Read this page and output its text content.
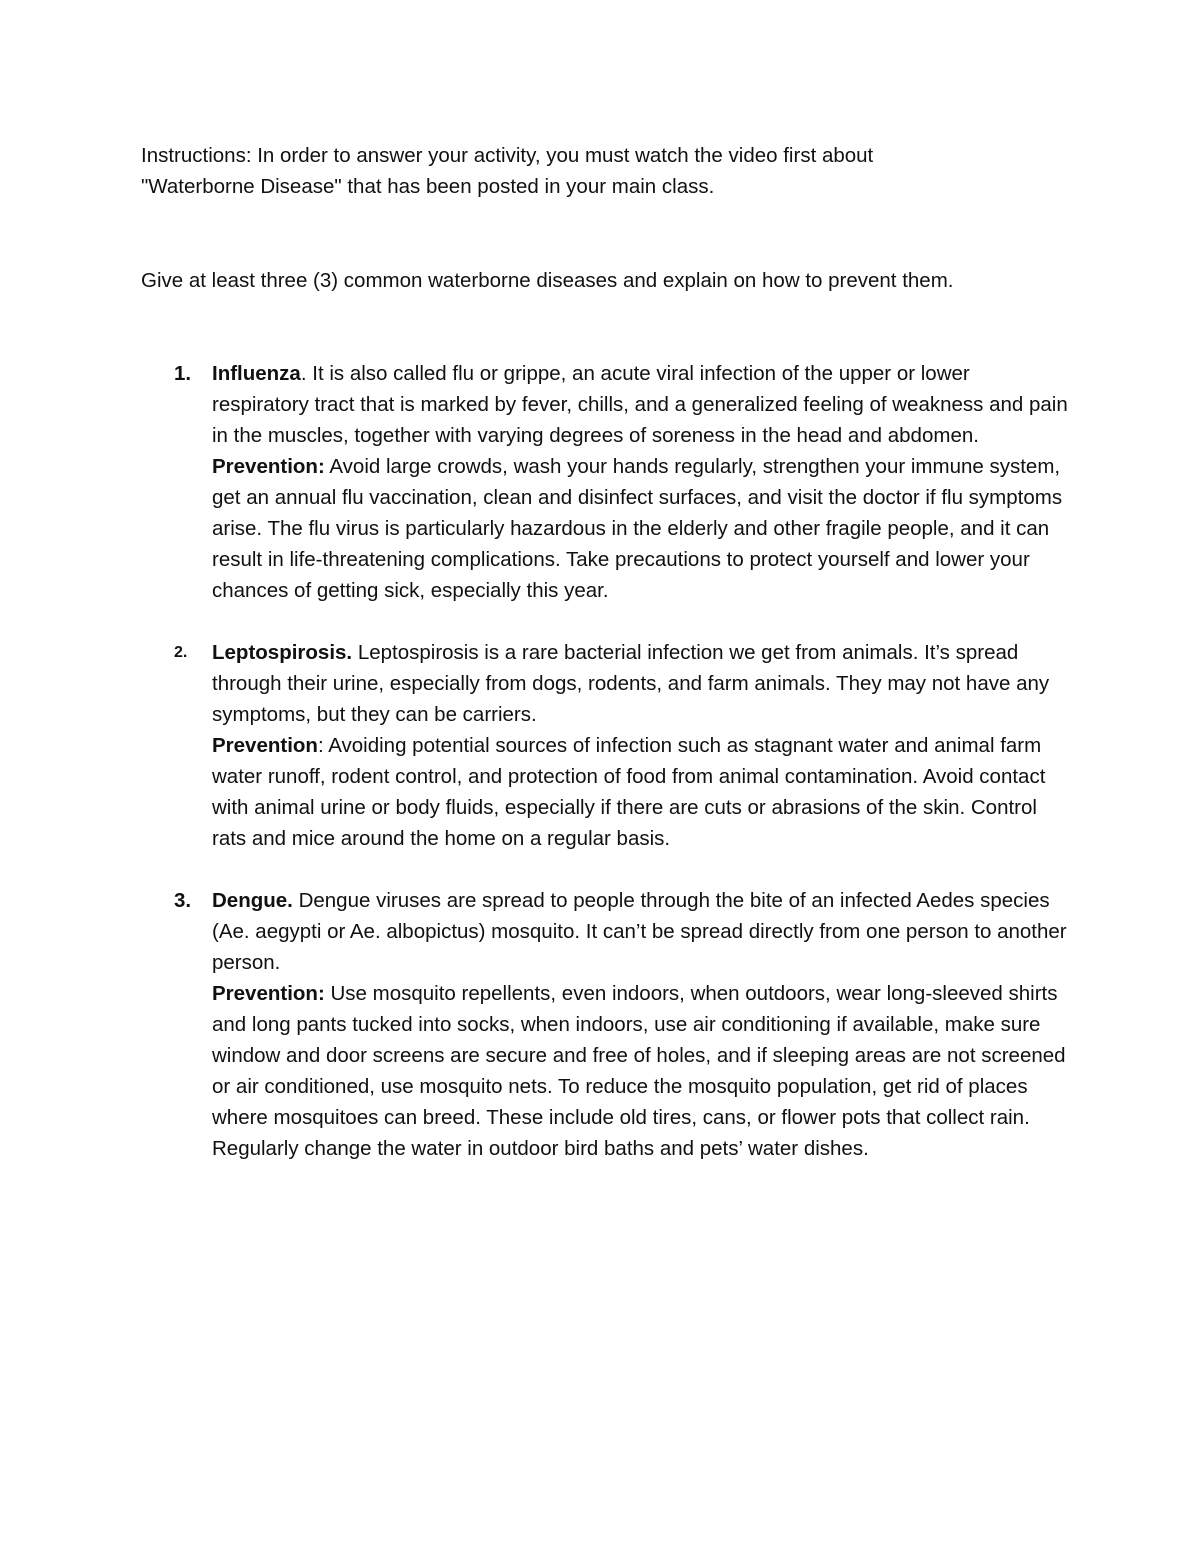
Instructions: In order to answer your activity, you must watch the video first about
"Waterborne Disease" that has been posted in your main class.

Give at least three (3) common waterborne diseases and explain on how to prevent them.

1. Influenza. It is also called flu or grippe, an acute viral infection of the upper or lower respiratory tract that is marked by fever, chills, and a generalized feeling of weakness and pain in the muscles, together with varying degrees of soreness in the head and abdomen.

Prevention: Avoid large crowds, wash your hands regularly, strengthen your immune system, get an annual flu vaccination, clean and disinfect surfaces, and visit the doctor if flu symptoms arise. The flu virus is particularly hazardous in the elderly and other fragile people, and it can result in life-threatening complications. Take precautions to protect yourself and lower your chances of getting sick, especially this year.

2. Leptospirosis. Leptospirosis is a rare bacterial infection we get from animals. It’s spread through their urine, especially from dogs, rodents, and farm animals. They may not have any symptoms, but they can be carriers.

Prevention: Avoiding potential sources of infection such as stagnant water and animal farm water runoff, rodent control, and protection of food from animal contamination. Avoid contact with animal urine or body fluids, especially if there are cuts or abrasions of the skin. Control rats and mice around the home on a regular basis.

3. Dengue. Dengue viruses are spread to people through the bite of an infected Aedes species (Ae. aegypti or Ae. albopictus) mosquito. It can’t be spread directly from one person to another person.

Prevention: Use mosquito repellents, even indoors, when outdoors, wear long-sleeved shirts and long pants tucked into socks, when indoors, use air conditioning if available, make sure window and door screens are secure and free of holes, and if sleeping areas are not screened or air conditioned, use mosquito nets. To reduce the mosquito population, get rid of places where mosquitoes can breed. These include old tires, cans, or flower pots that collect rain. Regularly change the water in outdoor bird baths and pets’ water dishes.
